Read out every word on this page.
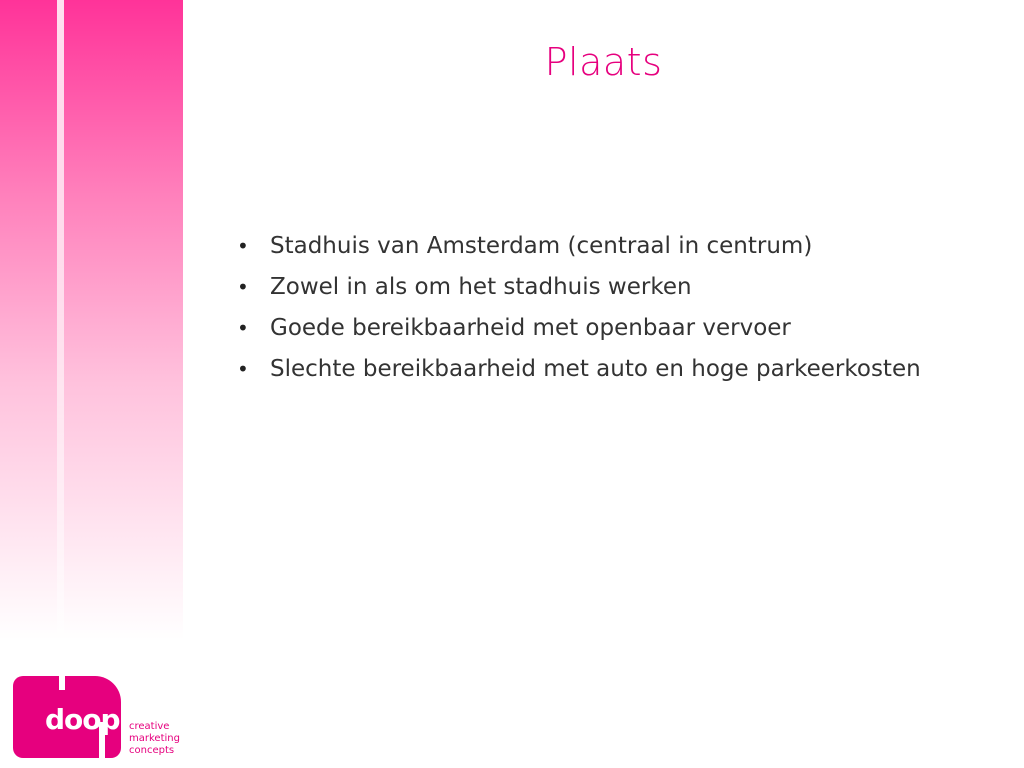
Plaats
• Stadhuis van Amsterdam (centraal in centrum)
• Zowel in als om het stadhuis werken
• Goede bereikbaarheid met openbaar vervoer
• Slechte bereikbaarheid met auto en hoge parkeerkosten
doop creative
marketing
concepts
